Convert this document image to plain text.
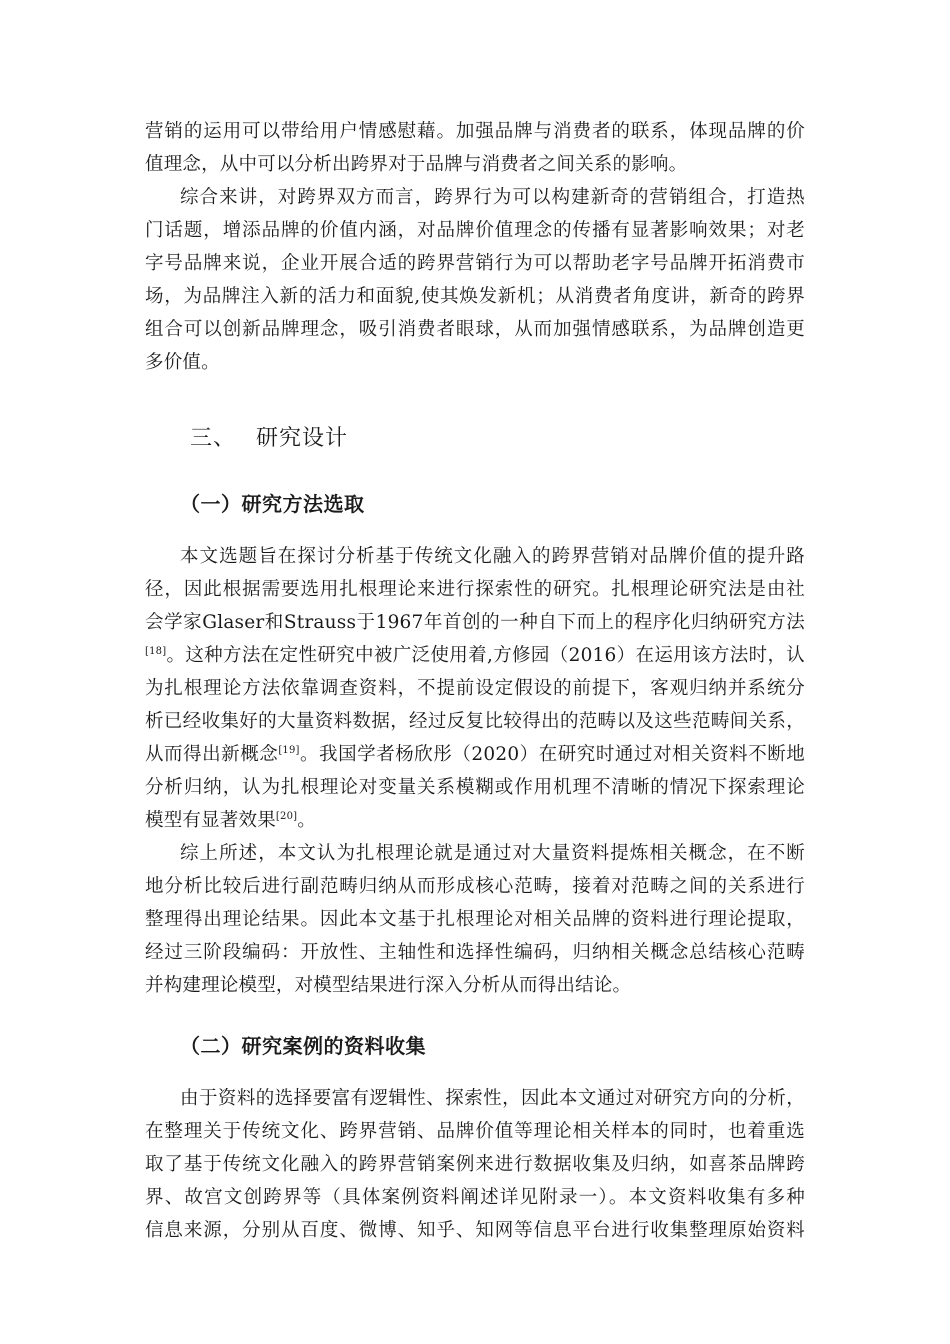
营销的运用可以带给用户情感慰藉。加强品牌与消费者的联系，体现品牌的价
值理念，从中可以分析出跨界对于品牌与消费者之间关系的影响。
综合来讲，对跨界双方而言，跨界行为可以构建新奇的营销组合，打造热
门话题，增添品牌的价值内涵，对品牌价值理念的传播有显著影响效果；对老
字号品牌来说，企业开展合适的跨界营销行为可以帮助老字号品牌开拓消费市
场，为品牌注入新的活力和面貌,使其焕发新机；从消费者角度讲，新奇的跨界
组合可以创新品牌理念，吸引消费者眼球，从而加强情感联系，为品牌创造更
多价值。
三、 研究设计
（一）研究方法选取
本文选题旨在探讨分析基于传统文化融入的跨界营销对品牌价值的提升路
径，因此根据需要选用扎根理论来进行探索性的研究。扎根理论研究法是由社
会学家Glaser和Strauss于1967年首创的一种自下而上的程序化归纳研究方法
[18]。这种方法在定性研究中被广泛使用着,方修园（2016）在运用该方法时，认
为扎根理论方法依靠调查资料，不提前设定假设的前提下，客观归纳并系统分
析已经收集好的大量资料数据，经过反复比较得出的范畴以及这些范畴间关系，
从而得出新概念[19]。我国学者杨欣彤（2020）在研究时通过对相关资料不断地
分析归纳，认为扎根理论对变量关系模糊或作用机理不清晰的情况下探索理论
模型有显著效果[20]。
综上所述，本文认为扎根理论就是通过对大量资料提炼相关概念，在不断
地分析比较后进行副范畴归纳从而形成核心范畴，接着对范畴之间的关系进行
整理得出理论结果。因此本文基于扎根理论对相关品牌的资料进行理论提取，
经过三阶段编码：开放性、主轴性和选择性编码，归纳相关概念总结核心范畴
并构建理论模型，对模型结果进行深入分析从而得出结论。
（二）研究案例的资料收集
由于资料的选择要富有逻辑性、探索性，因此本文通过对研究方向的分析，
在整理关于传统文化、跨界营销、品牌价值等理论相关样本的同时，也着重选
取了基于传统文化融入的跨界营销案例来进行数据收集及归纳，如喜茶品牌跨
界、故宫文创跨界等（具体案例资料阐述详见附录一）。本文资料收集有多种
信息来源，分别从百度、微博、知乎、知网等信息平台进行收集整理原始资料
